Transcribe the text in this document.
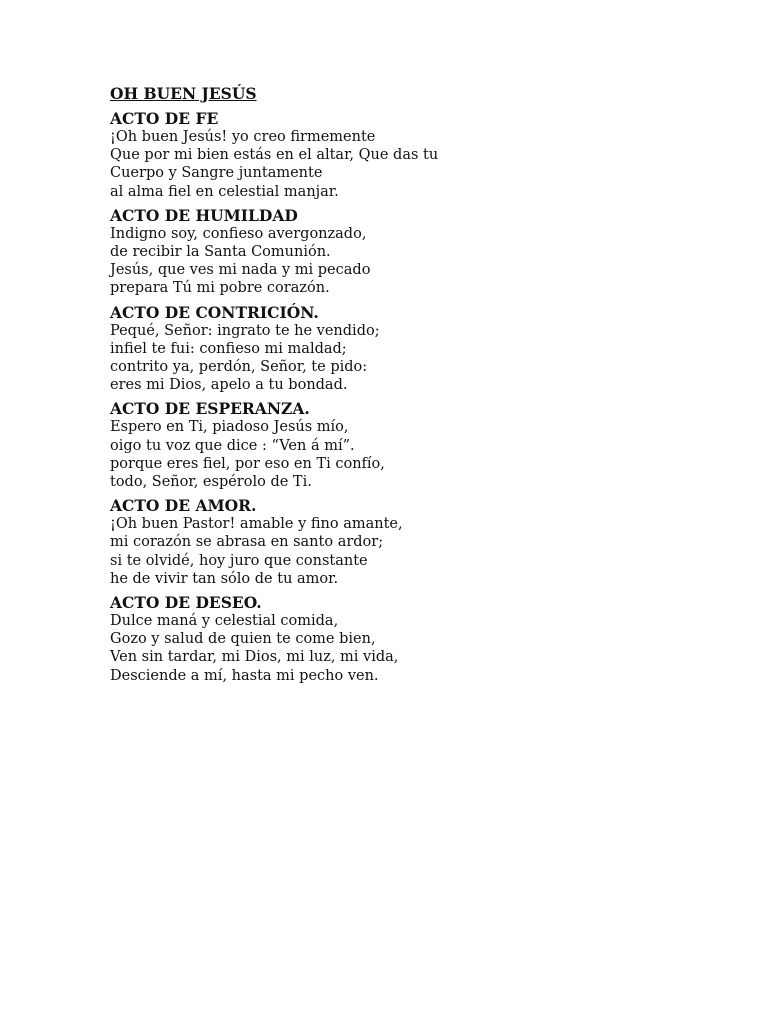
OH BUEN JESÚS
ACTO DE FE
¡Oh buen Jesús! yo creo firmemente
Que por mi bien estás en el altar, Que das tu
Cuerpo y Sangre juntamente
al alma fiel en celestial manjar.
ACTO DE HUMILDAD
Indigno soy, confieso avergonzado,
de recibir la Santa Comunión.
Jesús, que ves mi nada y mi pecado
prepara Tú mi pobre corazón.
ACTO DE CONTRICIÓN.
Pequé, Señor: ingrato te he vendido;
infiel te fui: confieso mi maldad;
contrito ya, perdón, Señor, te pido:
eres mi Dios, apelo a tu bondad.
ACTO DE ESPERANZA.
Espero en Ti, piadoso Jesús mío,
oigo tu voz que dice : “Ven á mí”.
porque eres fiel, por eso en Ti confío,
todo, Señor, espérolo de Ti.
ACTO DE AMOR.
¡Oh buen Pastor! amable y fino amante,
mi corazón se abrasa en santo ardor;
si te olvidé, hoy juro que constante
he de vivir tan sólo de tu amor.
ACTO DE DESEO.
Dulce maná y celestial comida,
Gozo y salud de quien te come bien,
Ven sin tardar, mi Dios, mi luz, mi vida,
Desciende a mí, hasta mi pecho ven.
